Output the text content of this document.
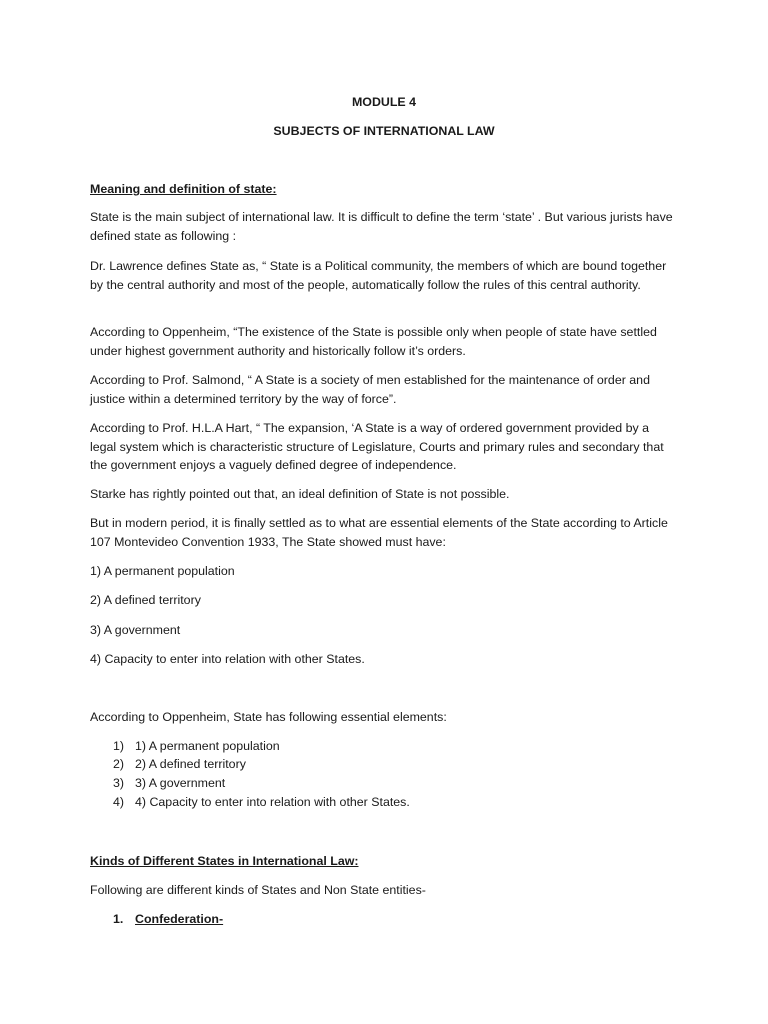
MODULE 4

SUBJECTS OF INTERNATIONAL LAW

Meaning and definition of state:

State is the main subject of international law. It is difficult to define the term ‘state’ . But various jurists have defined state as following :

Dr. Lawrence defines State as, “ State is a Political community, the members of which are bound together by the central authority and most of the people, automatically follow the rules of this central authority.

According to Oppenheim, “The existence of the State is possible only when people of state have settled under highest government authority and historically follow it’s orders.

According to Prof. Salmond, “ A State is a society of men established for the maintenance of order and justice within a determined territory by the way of force”.

According to Prof. H.L.A Hart, “ The expansion, ‘A State is a way of ordered government provided by a legal system which is characteristic structure of Legislature, Courts and primary rules and secondary that the government enjoys a vaguely defined degree of independence.

Starke has rightly pointed out that, an ideal definition of State is not possible.

But in modern period, it is finally settled as to what are essential elements of the State according to Article 107 Montevideo Convention 1933, The State showed must have:

1) A permanent population

2) A defined territory

3) A government

4) Capacity to enter into relation with other States.

According to Oppenheim, State has following essential elements:

1) 1) A permanent population
2) 2) A defined territory
3) 3) A government
4) 4) Capacity to enter into relation with other States.

Kinds of Different States in International Law:

Following are different kinds of States and Non State entities-

1. Confederation-
